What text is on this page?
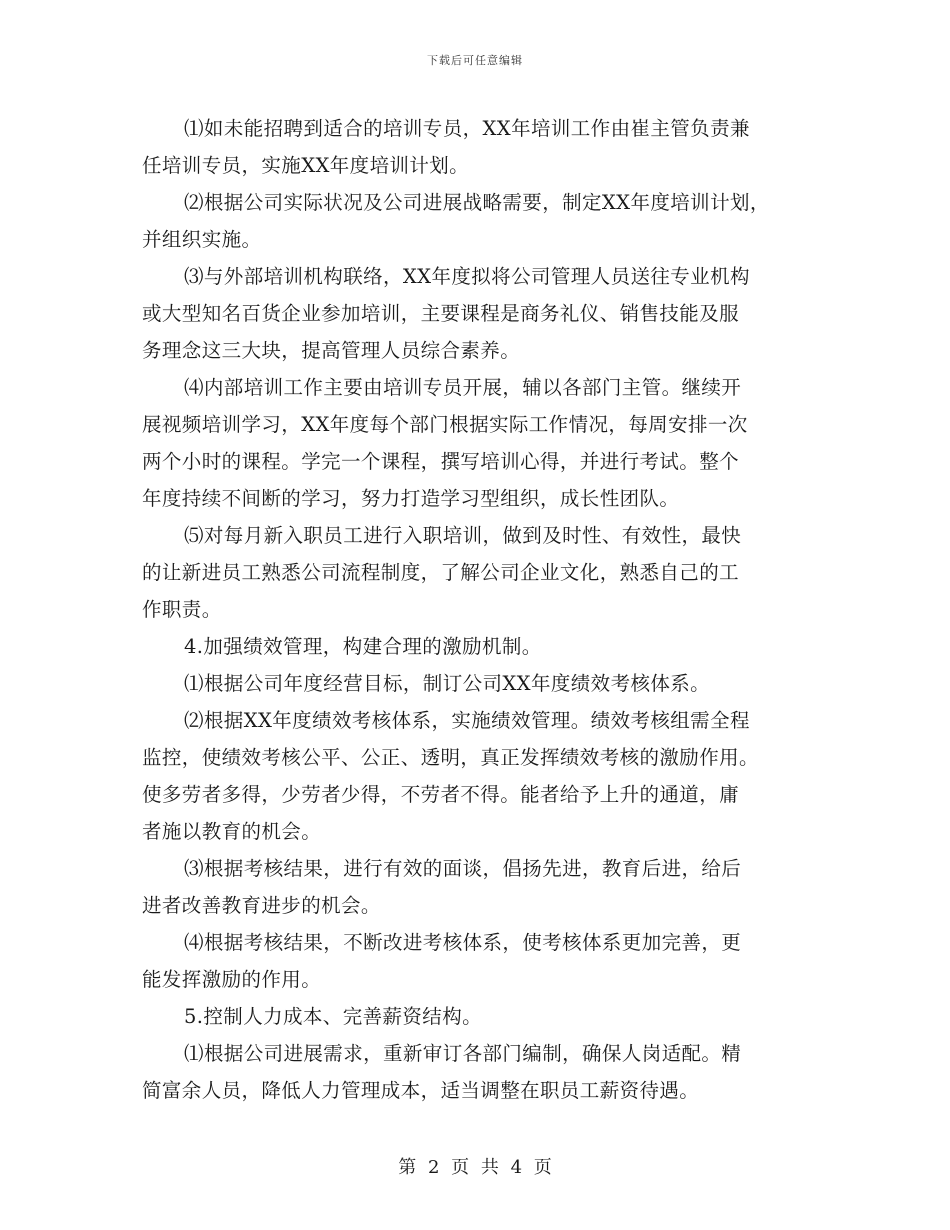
下载后可任意编辑
⑴如未能招聘到适合的培训专员，XX年培训工作由崔主管负责兼
任培训专员，实施XX年度培训计划。
⑵根据公司实际状况及公司进展战略需要，制定XX年度培训计划，
并组织实施。
⑶与外部培训机构联络，XX年度拟将公司管理人员送往专业机构
或大型知名百货企业参加培训，主要课程是商务礼仪、销售技能及服
务理念这三大块，提高管理人员综合素养。
⑷内部培训工作主要由培训专员开展，辅以各部门主管。继续开
展视频培训学习，XX年度每个部门根据实际工作情况，每周安排一次
两个小时的课程。学完一个课程，撰写培训心得，并进行考试。整个
年度持续不间断的学习，努力打造学习型组织，成长性团队。
⑸对每月新入职员工进行入职培训，做到及时性、有效性，最快
的让新进员工熟悉公司流程制度，了解公司企业文化，熟悉自己的工
作职责。
4.加强绩效管理，构建合理的激励机制。
⑴根据公司年度经营目标，制订公司XX年度绩效考核体系。
⑵根据XX年度绩效考核体系，实施绩效管理。绩效考核组需全程
监控，使绩效考核公平、公正、透明，真正发挥绩效考核的激励作用。
使多劳者多得，少劳者少得，不劳者不得。能者给予上升的通道，庸
者施以教育的机会。
⑶根据考核结果，进行有效的面谈，倡扬先进，教育后进，给后
进者改善教育进步的机会。
⑷根据考核结果，不断改进考核体系，使考核体系更加完善，更
能发挥激励的作用。
5.控制人力成本、完善薪资结构。
⑴根据公司进展需求，重新审订各部门编制，确保人岗适配。精
简富余人员，降低人力管理成本，适当调整在职员工薪资待遇。
第 2 页 共 4 页
